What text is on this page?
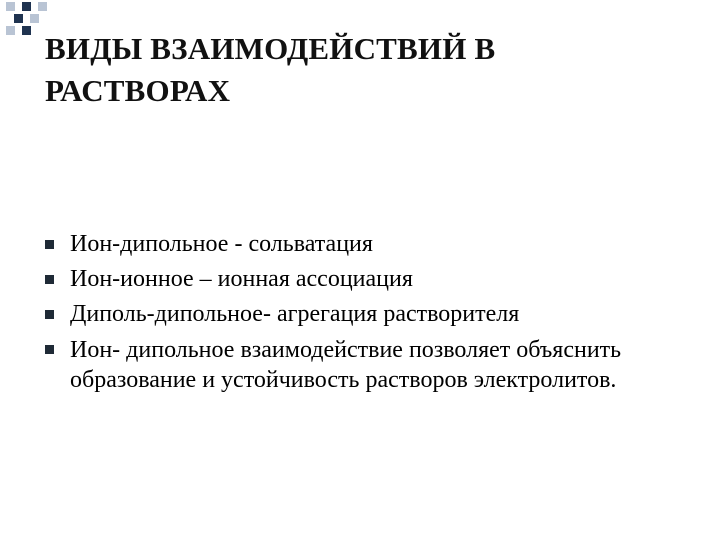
ВИДЫ ВЗАИМОДЕЙСТВИЙ В
РАСТВОРАХ
Ион-дипольное - сольватация
Ион-ионное – ионная ассоциация
Диполь-дипольное- агрегация растворителя
Ион- дипольное взаимодействие позволяет объяснить образование и устойчивость растворов электролитов.
